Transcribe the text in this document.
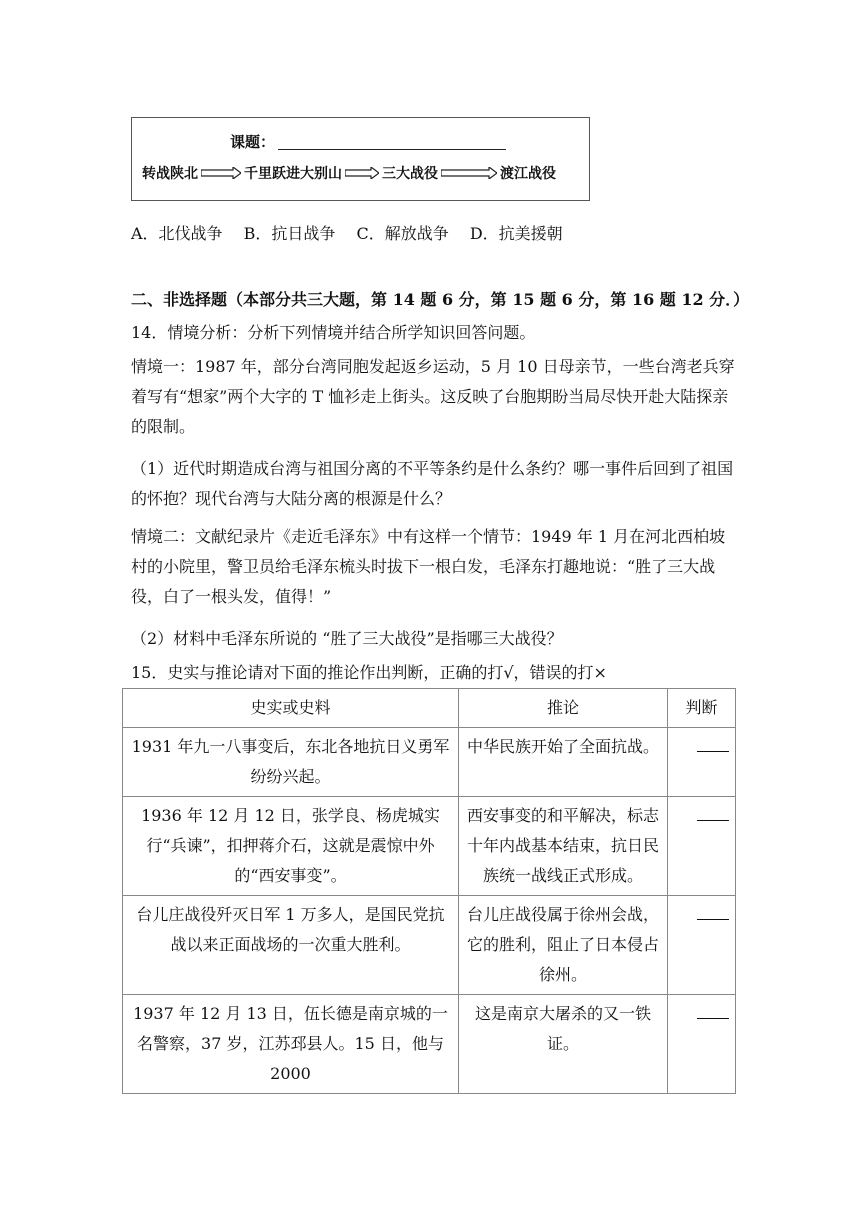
课题：
转战陕北	千里跃进大别山	三大战役	渡江战役
A．北伐战争　 B．抗日战争　 C．解放战争　 D．抗美援朝
二、非选择题（本部分共三大题，第 14 题 6 分，第 15 题 6 分，第 16 题 12 分．）
14．情境分析：分析下列情境并结合所学知识回答问题。
情境一：1987 年，部分台湾同胞发起返乡运动，5 月 10 日母亲节，一些台湾老兵穿着写有“想家”两个大字的 T 恤衫走上街头。这反映了台胞期盼当局尽快开赴大陆探亲的限制。
（1）近代时期造成台湾与祖国分离的不平等条约是什么条约？哪一事件后回到了祖国的怀抱？现代台湾与大陆分离的根源是什么？
情境二：文献纪录片《走近毛泽东》中有这样一个情节：1949 年 1 月在河北西柏坡村的小院里，警卫员给毛泽东梳头时拔下一根白发，毛泽东打趣地说：“胜了三大战役，白了一根头发，值得！”
（2）材料中毛泽东所说的 “胜了三大战役”是指哪三大战役？
15．史实与推论请对下面的推论作出判断，正确的打√，错误的打×
史实或史料	推论	判断
1931 年九一八事变后，东北各地抗日义勇军纷纷兴起。	中华民族开始了全面抗战。	
1936 年 12 月 12 日，张学良、杨虎城实行“兵谏”，扣押蒋介石，这就是震惊中外的“西安事变”。	西安事变的和平解决，标志十年内战基本结束，抗日民族统一战线正式形成。	
台儿庄战役歼灭日军 1 万多人，是国民党抗战以来正面战场的一次重大胜利。	台儿庄战役属于徐州会战，它的胜利，阻止了日本侵占徐州。	
1937 年 12 月 13 日，伍长德是南京城的一名警察，37 岁，江苏邳县人。15 日，他与 2000	这是南京大屠杀的又一铁证。	
